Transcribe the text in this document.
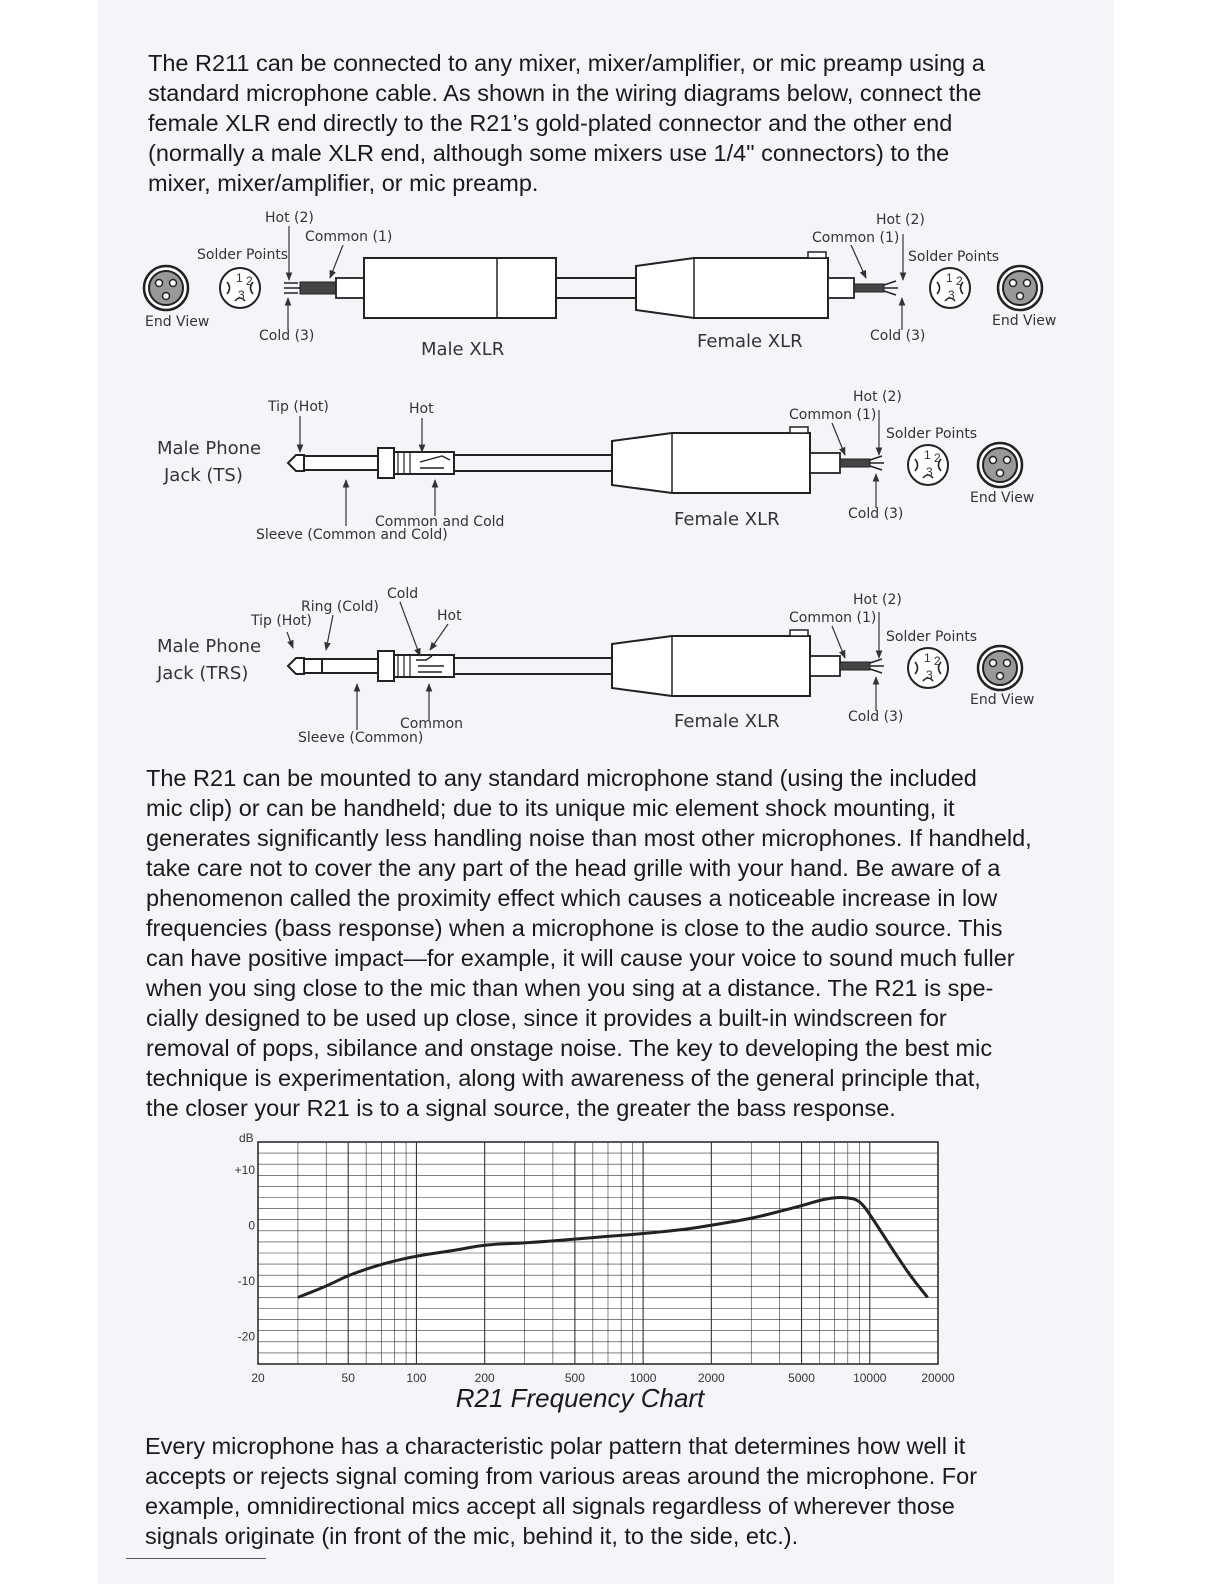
The R211 can be connected to any mixer, mixer/amplifier, or mic preamp using a
standard microphone cable. As shown in the wiring diagrams below, connect the
female XLR end directly to the R21’s gold-plated connector and the other end
(normally a male XLR end, although some mixers use 1/4" connectors) to the
mixer, mixer/amplifier, or mic preamp.
The R21 can be mounted to any standard microphone stand (using the included
mic clip) or can be handheld; due to its unique mic element shock mounting, it
generates significantly less handling noise than most other microphones. If handheld,
take care not to cover the any part of the head grille with your hand. Be aware of a
phenomenon called the proximity effect which causes a noticeable increase in low
frequencies (bass response) when a microphone is close to the audio source. This
can have positive impact—for example, it will cause your voice to sound much fuller
when you sing close to the mic than when you sing at a distance. The R21 is spe-
cially designed to be used up close, since it provides a built-in windscreen for
removal of pops, sibilance and onstage noise. The key to developing the best mic
technique is experimentation, along with awareness of the general principle that,
the closer your R21 is to a signal source, the greater the bass response.
Every microphone has a characteristic polar pattern that determines how well it
accepts or rejects signal coming from various areas around the microphone. For
example, omnidirectional mics accept all signals regardless of wherever those
signals originate (in front of the mic, behind it, to the side, etc.).
1 2
3
1 2
3
Hot (2)
Common (1)
Solder Points
End View
Cold (3)
Male XLR	Female XLR
Hot (2)
Common (1)
Solder Points
Cold (3)
End View
1 2
3
Male Phone
Jack (TS)
Tip (Hot)	Hot
Common and Cold
Sleeve (Common and Cold)
Female XLR
Hot (2)
Common (1)
Solder Points
Cold (3)
End View
1 2
3
Male Phone
Jack (TRS)
Tip (Hot)
Ring (Cold)
Cold
Hot
Common
Sleeve (Common)
Female XLR
Hot (2)
Common (1)
Solder Points
Cold (3)
End View
+10
0
-10
-20
20	50	100	200	500	1000	2000	5000	10000	20000
dB
R21 Frequency Chart
